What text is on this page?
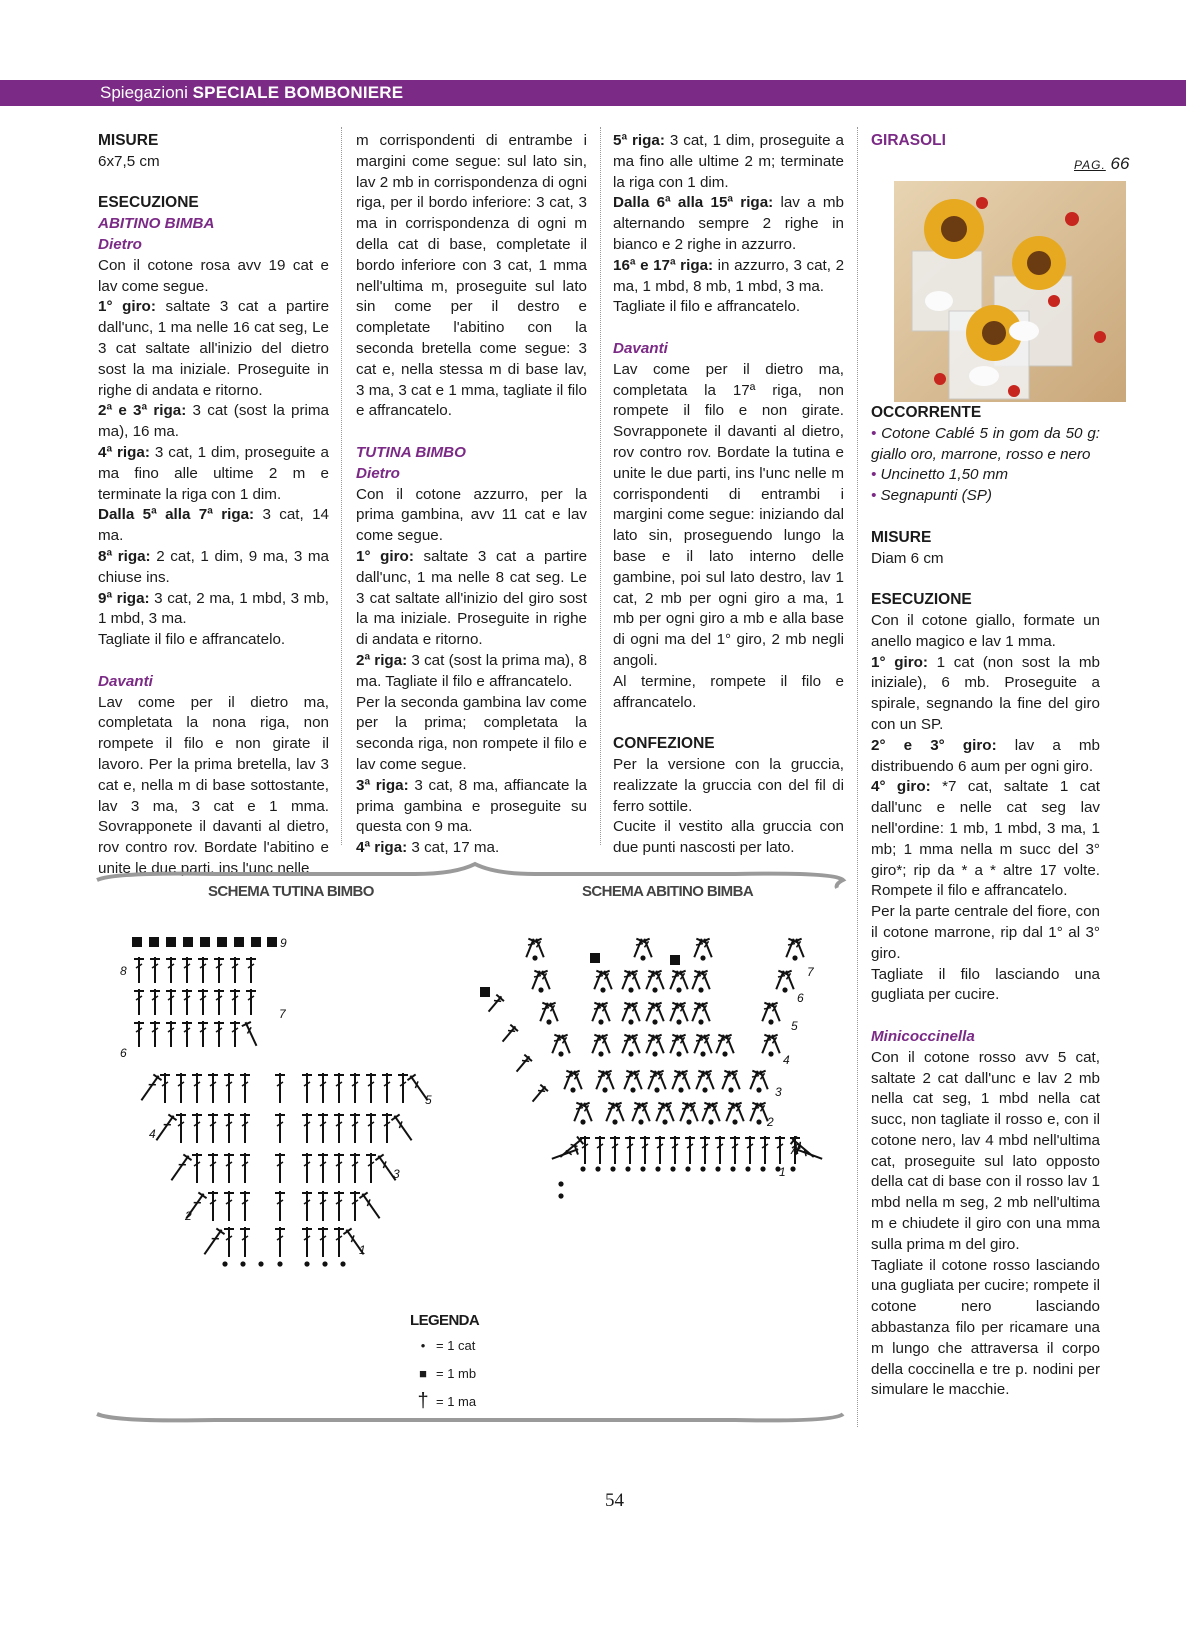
Spiegazioni SPECIALE BOMBONIERE

MISURE

6x7,5 cm

ESECUZIONE

ABITINO BIMBA

Dietro

Con il cotone rosa avv 19 cat e lav come segue.

1° giro: saltate 3 cat a partire dall'unc, 1 ma nelle 16 cat seg, Le 3 cat saltate all'inizio del dietro sost la ma iniziale. Proseguite in righe di andata e ritorno.

2ª e 3ª riga: 3 cat (sost la prima ma), 16 ma.

4ª riga: 3 cat, 1 dim, proseguite a ma fino alle ultime 2 m e terminate la riga con 1 dim.

Dalla 5ª alla 7ª riga: 3 cat, 14 ma.

8ª riga: 2 cat, 1 dim, 9 ma, 3 ma chiuse ins.

9ª riga: 3 cat, 2 ma, 1 mbd, 3 mb, 1 mbd, 3 ma.

Tagliate il filo e affrancatelo.

Davanti

Lav come per il dietro ma, completata la nona riga, non rompete il filo e non girate il lavoro. Per la prima bretella, lav 3 cat e, nella m di base sottostante, lav 3 ma, 3 cat e 1 mma. Sovrapponete il davanti al dietro, rov contro rov. Bordate l'abitino e unite le due parti, ins l'unc nelle

m corrispondenti di entrambe i margini come segue: sul lato sin, lav 2 mb in corrispondenza di ogni riga, per il bordo inferiore: 3 cat, 3 ma in corrispondenza di ogni m della cat di base, completate il bordo inferiore con 3 cat, 1 mma nell'ultima m, proseguite sul lato sin come per il destro e completate l'abitino con la seconda bretella come segue: 3 cat e, nella stessa m di base lav, 3 ma, 3 cat e 1 mma, tagliate il filo e affrancatelo.

TUTINA BIMBO

Dietro

Con il cotone azzurro, per la prima gambina, avv 11 cat e lav come segue.

1° giro: saltate 3 cat a partire dall'unc, 1 ma nelle 8 cat seg. Le 3 cat saltate all'inizio del giro sost la ma iniziale. Proseguite in righe di andata e ritorno.

2ª riga: 3 cat (sost la prima ma), 8 ma. Tagliate il filo e affrancatelo.

Per la seconda gambina lav come per la prima; completata la seconda riga, non rompete il filo e lav come segue.

3ª riga: 3 cat, 8 ma, affiancate la prima gambina e proseguite su questa con 9 ma.

4ª riga: 3 cat, 17 ma.

5ª riga: 3 cat, 1 dim, proseguite a ma fino alle ultime 2 m; terminate la riga con 1 dim.

Dalla 6ª alla 15ª riga: lav a mb alternando sempre 2 righe in bianco e 2 righe in azzurro.

16ª e 17ª riga: in azzurro, 3 cat, 2 ma, 1 mbd, 8 mb, 1 mbd, 3 ma.

Tagliate il filo e affrancatelo.

Davanti

Lav come per il dietro ma, completata la 17ª riga, non rompete il filo e non girate. Sovrapponete il davanti al dietro, rov contro rov. Bordate la tutina e unite le due parti, ins l'unc nelle m corrispondenti di entrambi i margini come segue: iniziando dal lato sin, proseguendo lungo la base e il lato interno delle gambine, poi sul lato destro, lav 1 cat, 2 mb per ogni giro a ma, 1 mb per ogni giro a mb e alla base di ogni ma del 1° giro, 2 mb negli angoli.

Al termine, rompete il filo e affrancatelo.

CONFEZIONE

Per la versione con la gruccia, realizzate la gruccia con del fil di ferro sottile.

Cucite il vestito alla gruccia con due punti nascosti per lato.

GIRASOLI
PAG. 66

OCCORRENTE

• Cotone Cablé 5 in gom da 50 g: giallo oro, marrone, rosso e nero

• Uncinetto 1,50 mm

• Segnapunti (SP)

MISURE

Diam 6 cm

ESECUZIONE

Con il cotone giallo, formate un anello magico e lav 1 mma.

1° giro: 1 cat (non sost la mb iniziale), 6 mb. Proseguite a spirale, segnando la fine del giro con un SP.

2° e 3° giro: lav a mb distribuendo 6 aum per ogni giro.

4° giro: *7 cat, saltate 1 cat dall'unc e nelle cat seg lav nell'ordine: 1 mb, 1 mbd, 3 ma, 1 mb; 1 mma nella m succ del 3° giro*; rip da * a * altre 17 volte. Rompete il filo e affrancatelo.

Per la parte centrale del fiore, con il cotone marrone, rip dal 1° al 3° giro.

Tagliate il filo lasciando una gugliata per cucire.

Minicoccinella

Con il cotone rosso avv 5 cat, saltate 2 cat dall'unc e lav 2 mb nella cat seg, 1 mbd nella cat succ, non tagliate il rosso e, con il cotone nero, lav 4 mbd nell'ultima cat, proseguite sul lato opposto della cat di base con il rosso lav 1 mbd nella m seg, 2 mb nell'ultima m e chiudete il giro con una mma sulla prima m del giro.

Tagliate il cotone rosso lasciando una gugliata per cucire; rompete il cotone nero lasciando abbastanza filo per ricamare una m lungo che attraversa il corpo della coccinella e tre p. nodini per simulare le macchie.

9
8
7
6
5
4
3
2
1
A
1
2
3
4
5
6
7
SCHEMA TUTINA BIMBO	SCHEMA ABITINO BIMBA
LEGENDA
• = 1 cat
■ = 1 mb
† = 1 ma
54
